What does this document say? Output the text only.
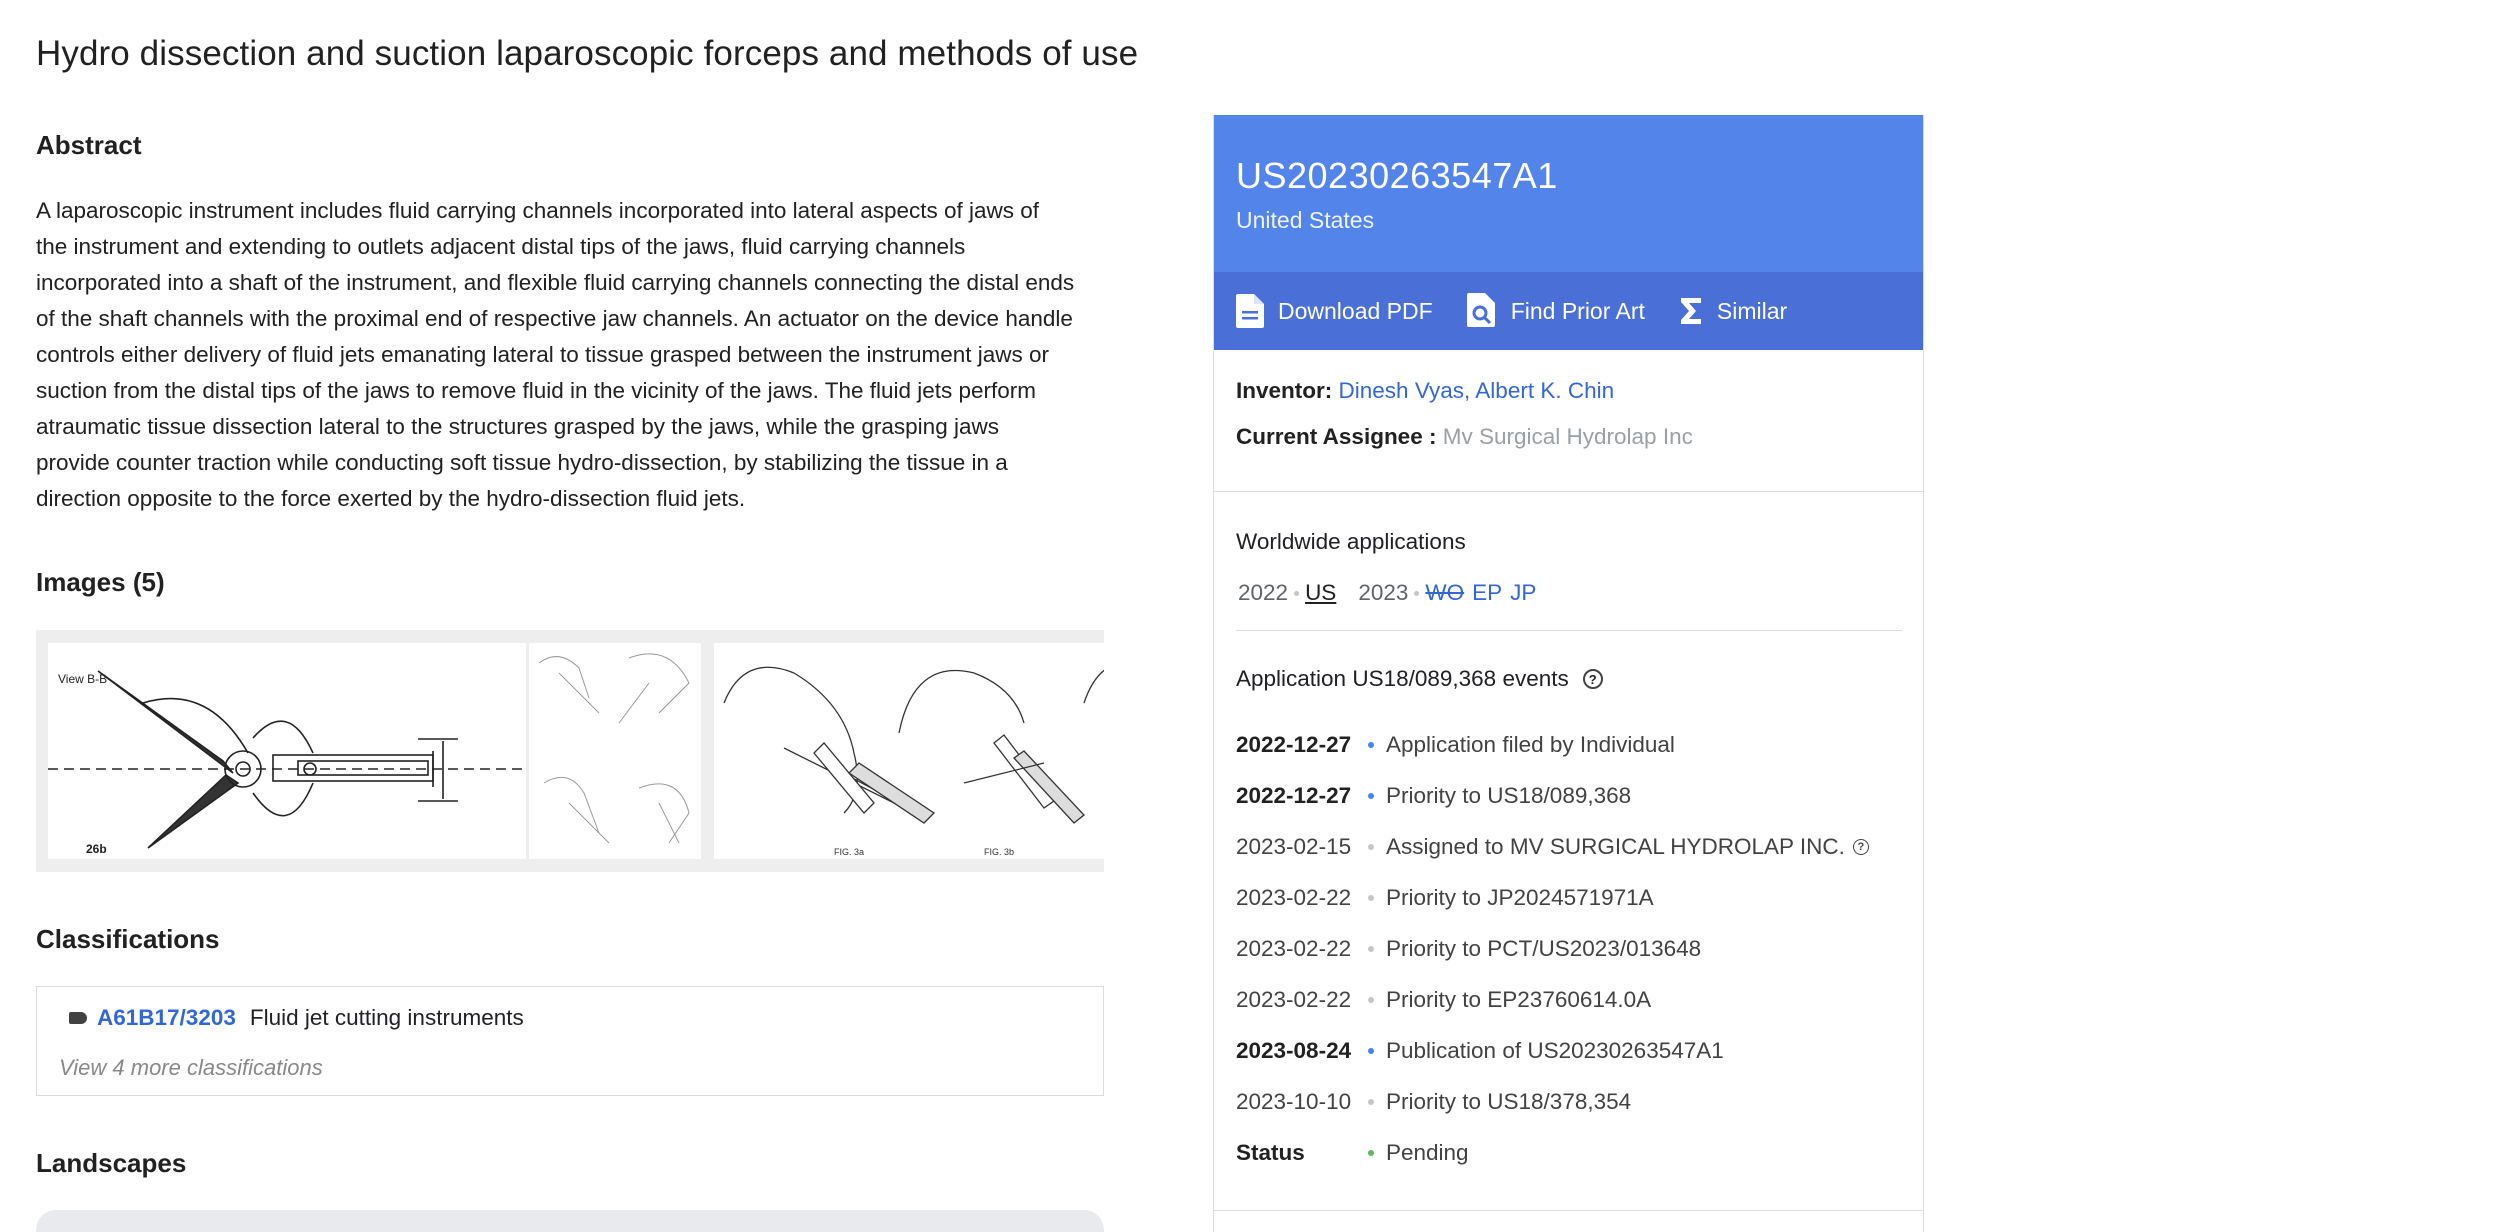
Hydro dissection and suction laparoscopic forceps and methods of use
Abstract

A laparoscopic instrument includes fluid carrying channels incorporated into lateral aspects of jaws of the instrument and extending to outlets adjacent distal tips of the jaws, fluid carrying channels incorporated into a shaft of the instrument, and flexible fluid carrying channels connecting the distal ends of the shaft channels with the proximal end of respective jaw channels. An actuator on the device handle controls either delivery of fluid jets emanating lateral to tissue grasped between the instrument jaws or suction from the distal tips of the jaws to remove fluid in the vicinity of the jaws. The fluid jets perform atraumatic tissue dissection lateral to the structures grasped by the jaws, while the grasping jaws provide counter traction while conducting soft tissue hydro-dissection, by stabilizing the tissue in a direction opposite to the force exerted by the hydro-dissection fluid jets.

Images (5)
View B-B
26b	FIG. 3a	FIG. 3b
Classifications
A61B17/3203 Fluid jet cutting instruments
View 4 more classifications
Landscapes
US20230263547A1
United States
Download PDF	Find Prior Art	Similar
Inventor: Dinesh Vyas, Albert K. Chin
Current Assignee : Mv Surgical Hydrolap Inc
Worldwide applications
2022 US 2023 WO EP JP
Application US18/089,368 events	?
2022-12-27	Application filed by Individual
2022-12-27	Priority to US18/089,368
2023-02-15	Assigned to MV SURGICAL HYDROLAP INC.	?
2023-02-22	Priority to JP2024571971A
2023-02-22	Priority to PCT/US2023/013648
2023-02-22	Priority to EP23760614.0A
2023-08-24	Publication of US20230263547A1
2023-10-10	Priority to US18/378,354
Status	Pending
